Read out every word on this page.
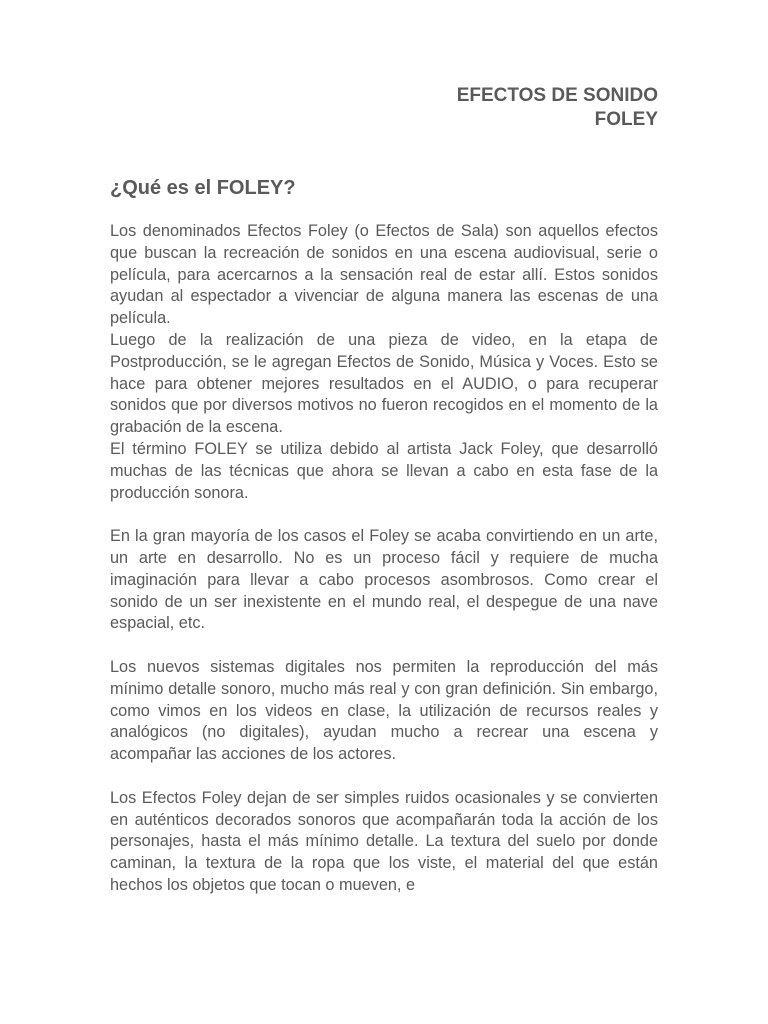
EFECTOS DE SONIDO
FOLEY
¿Qué es el FOLEY?

Los denominados Efectos Foley (o Efectos de Sala) son aquellos efectos que buscan la recreación de sonidos en una escena audiovisual, serie o película, para acercarnos a la sensación real de estar allí. Estos sonidos ayudan al espectador a vivenciar de alguna manera las escenas de una película.

Luego de la realización de una pieza de video, en la etapa de Postproducción, se le agregan Efectos de Sonido, Música y Voces. Esto se hace para obtener mejores resultados en el AUDIO, o para recuperar sonidos que por diversos motivos no fueron recogidos en el momento de la grabación de la escena.

El término FOLEY se utiliza debido al artista Jack Foley, que desarrolló muchas de las técnicas que ahora se llevan a cabo en esta fase de la producción sonora.

En la gran mayoría de los casos el Foley se acaba convirtiendo en un arte, un arte en desarrollo. No es un proceso fácil y requiere de mucha imaginación para llevar a cabo procesos asombrosos. Como crear el sonido de un ser inexistente en el mundo real, el despegue de una nave espacial, etc.

Los nuevos sistemas digitales nos permiten la reproducción del más mínimo detalle sonoro, mucho más real y con gran definición. Sin embargo, como vimos en los videos en clase, la utilización de recursos reales y analógicos (no digitales), ayudan mucho a recrear una escena y acompañar las acciones de los actores.

Los Efectos Foley dejan de ser simples ruidos ocasionales y se convierten en auténticos decorados sonoros que acompañarán toda la acción de los personajes, hasta el más mínimo detalle. La textura del suelo por donde caminan, la textura de la ropa que los viste, el material del que están hechos los objetos que tocan o mueven, e
